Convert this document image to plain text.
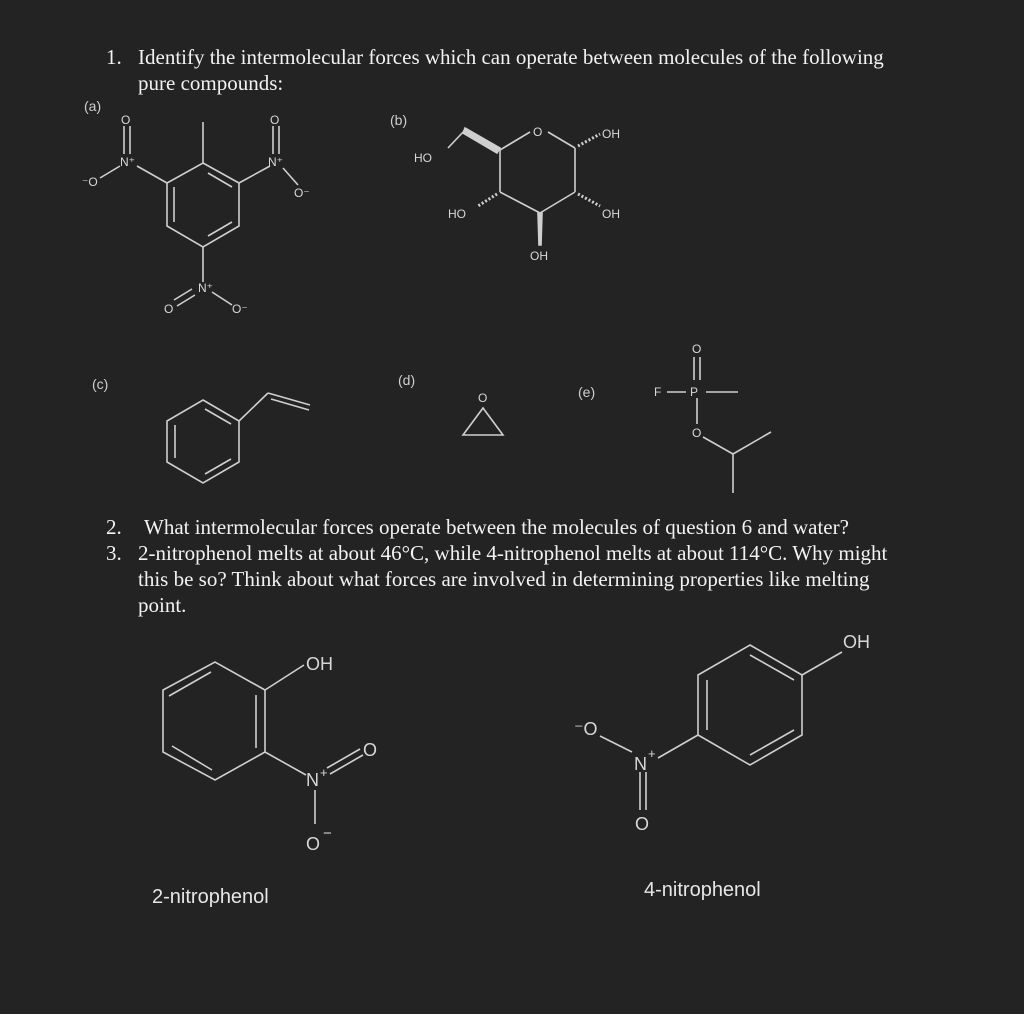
1. Identify the intermolecular forces which can operate between molecules of the following
pure compounds:
(a)
(b)
(c)	(d)
(e)
O
N⁺
⁻O
O
N⁺
O⁻
N⁺
O	O⁻
O	OH
HO
OH
HO
OH
O
O
F P
O
OH
N +
O
O
−
OH
⁻O
N
+
O
2. What intermolecular forces operate between the molecules of question 6 and water?
3. 2-nitrophenol melts at about 46°C, while 4-nitrophenol melts at about 114°C. Why might
this be so? Think about what forces are involved in determining properties like melting
point.
2-nitrophenol	4-nitrophenol
